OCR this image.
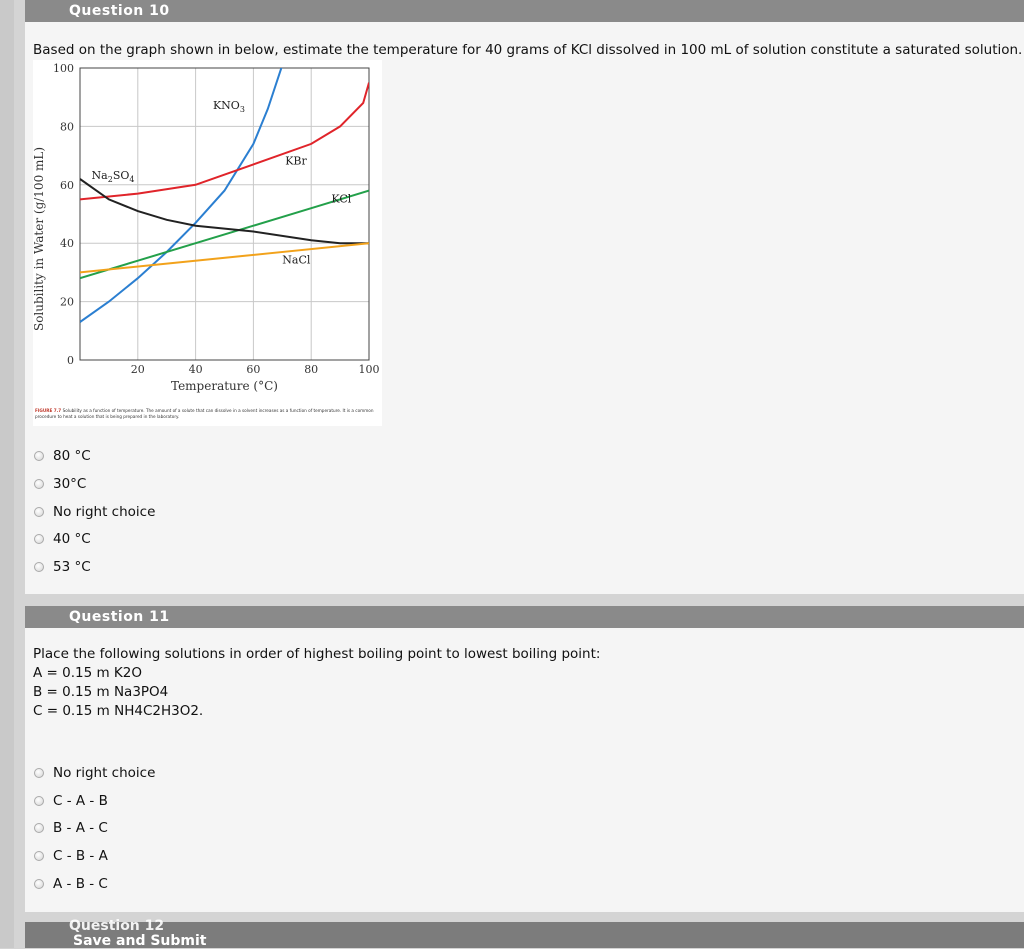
Question 10
Based on the graph shown in below, estimate the temperature for 40 grams of KCl dissolved in 100 mL of solution constitute a saturated solution.
0
20
40
60
80
100
20	40	60	80	100
Temperature (°C)
Solubility in Water (g/100 mL)
$KNO_3$
KBr
$Na_2SO_4$
KCl
NaCl
FIGURE 7.7 Solubility as a function of temperature. The amount of a solute that can dissolve in a solvent increases as a function of temperature. It is a common procedure to heat a solution that is being prepared in the laboratory.
80 °C
30°C
No right choice
40 °C
53 °C
Question 11
Place the following solutions in order of highest boiling point to lowest boiling point:
A = 0.15 m K2O
B = 0.15 m Na3PO4
C = 0.15 m NH4C2H3O2.
No right choice
C - A - B
B - A - C
C - B - A
A - B - C
Question 12
Save and Submit
